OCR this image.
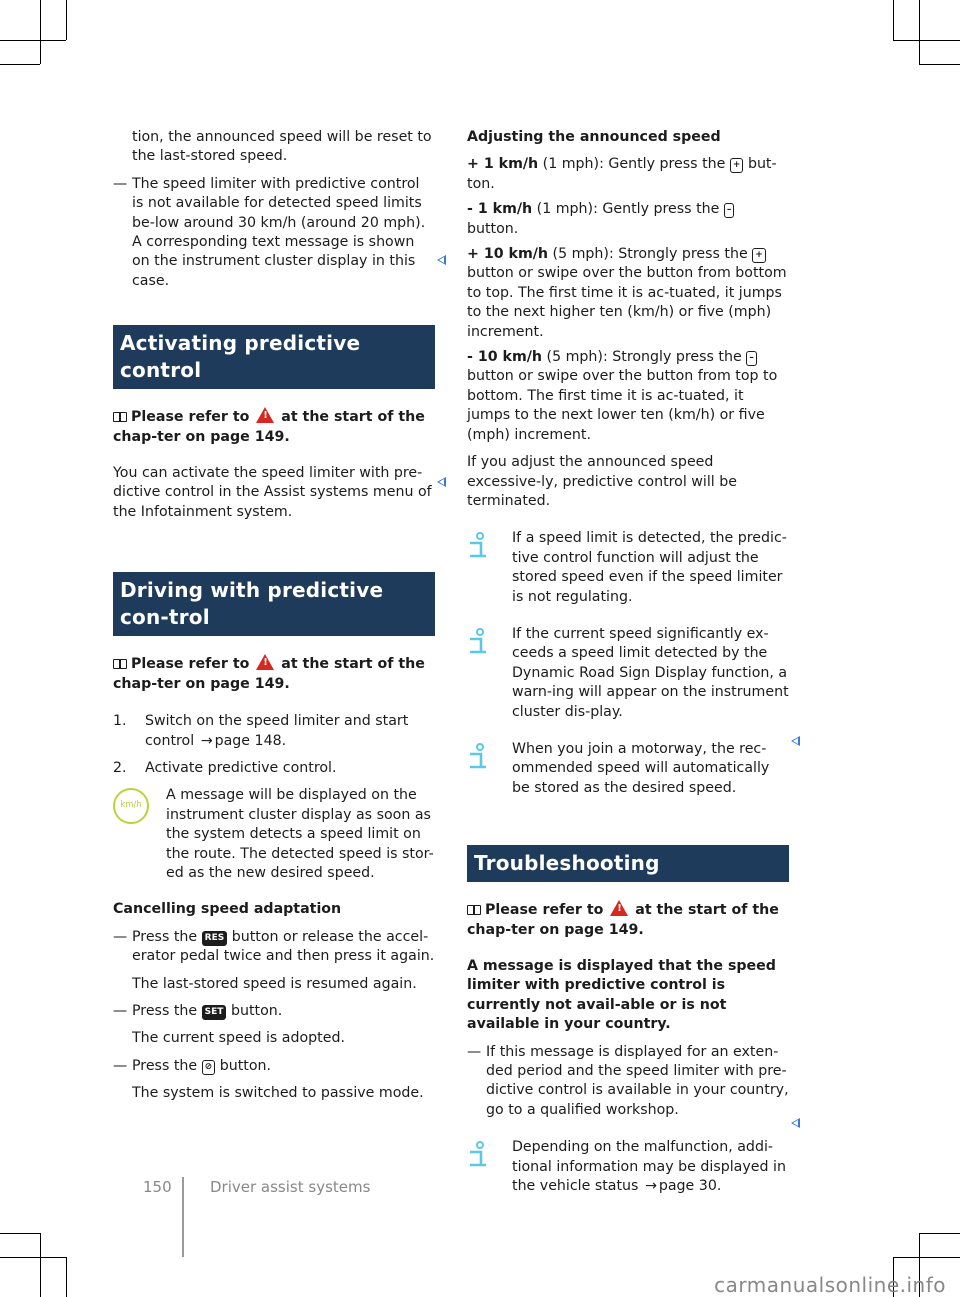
tion, the announced speed will be reset to the last-stored speed.

— The speed limiter with predictive control is not available for detected speed limits be-low around 30 km/h (around 20 mph).

A corresponding text message is shown on the instrument cluster display in this case.

Activating predictive control

Please refer to ! at the start of the chap-ter on page 149.

You can activate the speed limiter with pre-dictive control in the Assist systems menu of the Infotainment system.

Driving with predictive con-trol

Please refer to ! at the start of the chap-ter on page 149.

1. Switch on the speed limiter and start control → page 148.
2. Activate predictive control.
km/h

A message will be displayed on the instrument cluster display as soon as the system detects a speed limit on the route. The detected speed is stor-ed as the new desired speed.

Cancelling speed adaptation

— Press the RES button or release the accel-erator pedal twice and then press it again.

The last-stored speed is resumed again.

— Press the SET button.

The current speed is adopted.

— Press the ⊘ button.

The system is switched to passive mode.

Adjusting the announced speed

+ 1 km/h (1 mph): Gently press the + but-ton.
- 1 km/h (1 mph): Gently press the – button.
+ 10 km/h (5 mph): Strongly press the + button or swipe over the button from bottom to top. The first time it is ac-tuated, it jumps to the next higher ten (km/h) or five (mph) increment.
- 10 km/h (5 mph): Strongly press the – button or swipe over the button from top to bottom. The first time it is ac-tuated, it jumps to the next lower ten (km/h) or five (mph) increment.

If you adjust the announced speed excessive-ly, predictive control will be terminated.

If a speed limit is detected, the predic-tive control function will adjust the stored speed even if the speed limiter is not regulating.

If the current speed significantly ex-ceeds a speed limit detected by the Dynamic Road Sign Display function, a warn-ing will appear on the instrument cluster dis-play.

When you join a motorway, the rec-ommended speed will automatically be stored as the desired speed.

Troubleshooting

Please refer to ! at the start of the chap-ter on page 149.

A message is displayed that the speed limiter with predictive control is currently not avail-able or is not available in your country.

— If this message is displayed for an exten-ded period and the speed limiter with pre-dictive control is available in your country, go to a qualified workshop.

Depending on the malfunction, addi-tional information may be displayed in the vehicle status → page 30.

150	Driver assist systems
carmanualsonline.info
